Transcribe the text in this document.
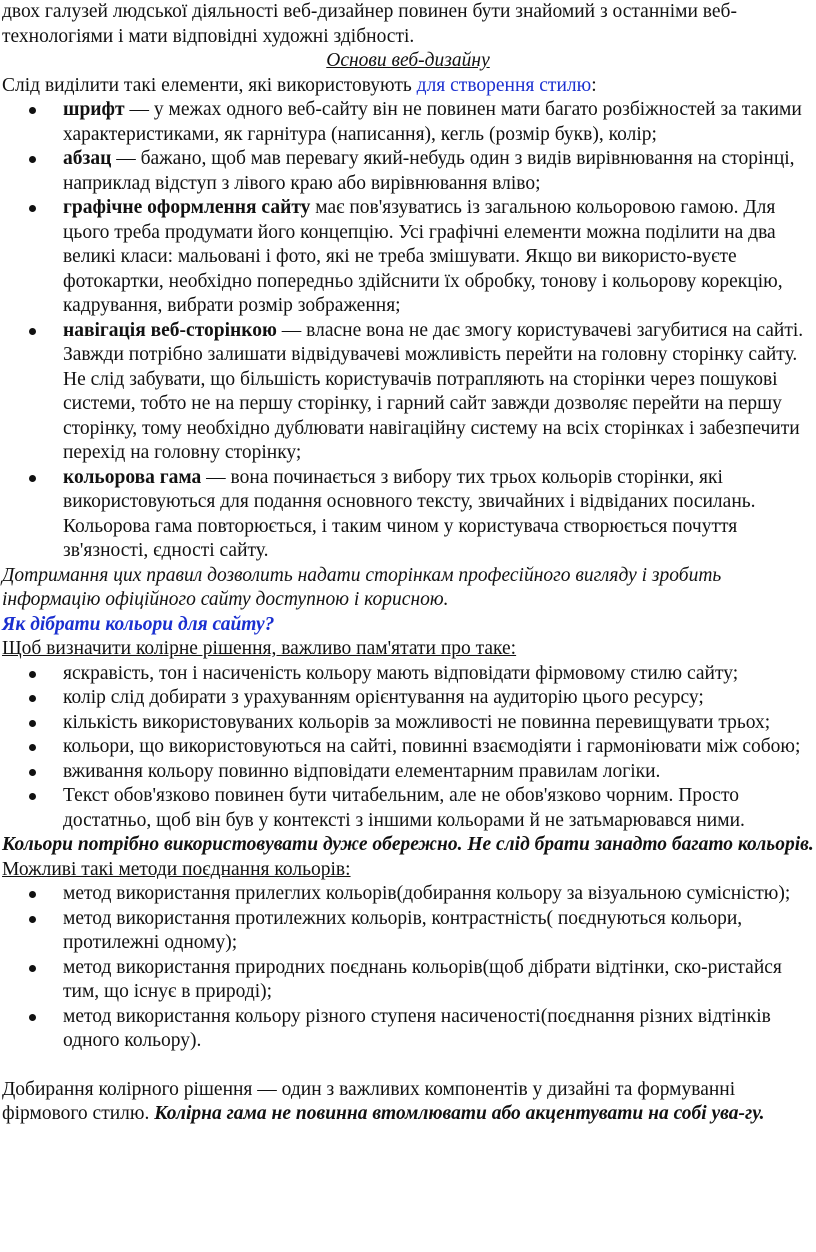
двох галузей людської діяльності веб-дизайнер повинен бути знайомий з останніми веб-технологіями і мати відповідні художні здібності.

Основи веб-дизайну

Слід виділити такі елементи, які використовують для створення стилю:

шрифт — у межах одного веб-сайту він не повинен мати багато розбіжностей за такими характеристиками, як гарнітура (написання), кегль (розмір букв), колір;
абзац — бажано, щоб мав перевагу який-небудь один з видів вирівнювання на сторінці, наприклад відступ з лівого краю або вирівнювання вліво;
графічне оформлення сайту має пов'язуватись із загальною кольоровою гамою. Для цього треба продумати його концепцію. Усі графічні елементи можна поділити на два великі класи: мальовані і фото, які не треба змішувати. Якщо ви використо-вуєте фотокартки, необхідно попередньо здійснити їх обробку, тонову і кольорову корекцію, кадрування, вибрати розмір зображення;
навігація веб-сторінкою — власне вона не дає змогу користувачеві загубитися на сайті. Завжди потрібно залишати відвідувачеві можливість перейти на головну сторінку сайту. Не слід забувати, що більшість користувачів потрапляють на сторінки через пошукові системи, тобто не на першу сторінку, і гарний сайт завжди дозволяє перейти на першу сторінку, тому необхідно дублювати навігаційну систему на всіх сторінках і забезпечити перехід на головну сторінку;
кольорова гама — вона починається з вибору тих трьох кольорів сторінки, які використовуються для подання основного тексту, звичайних і відвіданих посилань. Кольорова гама повторюється, і таким чином у користувача створюється почуття зв'язності, єдності сайту.

Дотримання цих правил дозволить надати сторінкам професійного вигляду і зробить інформацію офіційного сайту доступною і корисною.

Як дібрати кольори для сайту?

Щоб визначити колірне рішення, важливо пам'ятати про таке:

яскравість, тон і насиченість кольору мають відповідати фірмовому стилю сайту;
колір слід добирати з урахуванням орієнтування на аудиторію цього ресурсу;
кількість використовуваних кольорів за можливості не повинна перевищувати трьох;
кольори, що використовуються на сайті, повинні взаємодіяти і гармоніювати між собою;
вживання кольору повинно відповідати елементарним правилам логіки.
Текст обов'язково повинен бути читабельним, але не обов'язково чорним. Просто достатньо, щоб він був у контексті з іншими кольорами й не затьмарювався ними.

Кольори потрібно використовувати дуже обережно. Не слід брати занадто багато кольорів.

Можливі такі методи поєднання кольорів:

метод використання прилеглих кольорів(добирання кольору за візуальною сумісністю);
метод використання протилежних кольорів, контрастність( поєднуються кольори, протилежні одному);
метод використання природних поєднань кольорів(щоб дібрати відтінки, ско-ристайся тим, що існує в природі);
метод використання кольору різного ступеня насиченості(поєднання різних відтінків одного кольору).

Добирання колірного рішення — один з важливих компонентів у дизайні та формуванні фірмового стилю. Колірна гама не повинна втомлювати або акцентувати на собі ува-гу.
